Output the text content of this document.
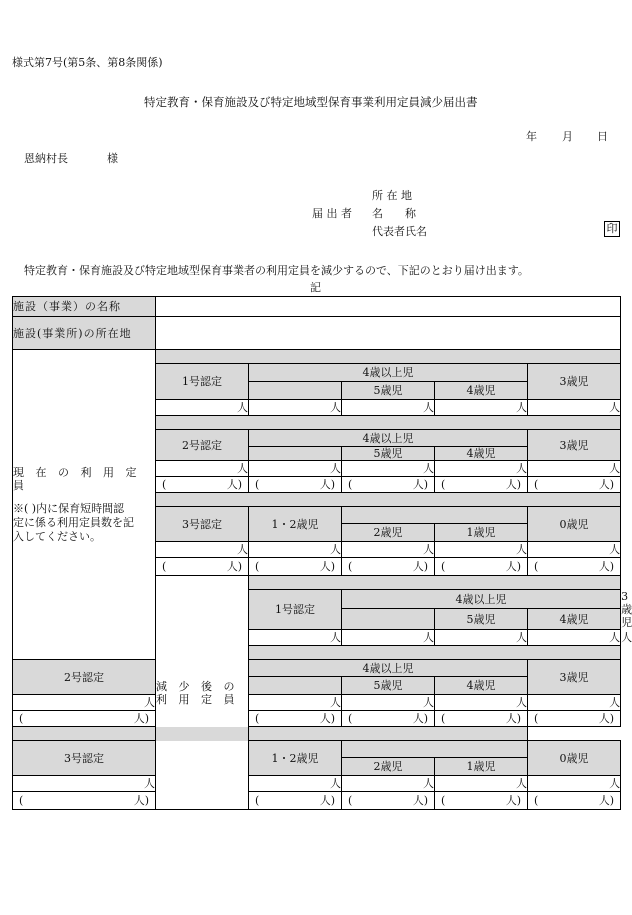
様式第7号(第5条、第8条関係)
特定教育・保育施設及び特定地域型保育事業利用定員減少届出書
年 月 日
恩納村長	様
所 在 地
届 出 者 名　　称
代表者氏名	印
特定教育・保育施設及び特定地域型保育事業者の利用定員を減少するので、下記のとおり届け出ます。
記
施設（事業）の名称						
施設(事業所)の所在地						

現 在 の 利 用 定 員
※( )内に保育短時間認
定に係る利用定員数を記
入してください。						

	1号認定	4歳以上児			3歳児	
			5歳児	4歳児		
	人	人	人	人	人	

	2号認定	4歳以上児			3歳児	
			5歳児	4歳児		
	人	人	人	人	人	

	( 人)	( 人)	( 人)	( 人)	( 人)	

	3号認定	1・2歳児			0歳児	
			2歳児	1歳児		
	人	人	人	人	人	

	( 人)	( 人)	( 人)	( 人)	( 人)	

	減 少 後 の 利 用 定 員					

		1号認定	4歳以上児			3歳児
				5歳児	4歳児	
		人	人	人	人	人

2号認定		4歳以上児			3歳児	
			5歳児	4歳児		
人		人	人	人	人	

( 人)		( 人)	( 人)	( 人)	( 人)	

3号認定		1・2歳児			0歳児	
			2歳児	1歳児		
人		人	人	人	人	

( 人)		( 人)	( 人)	( 人)	( 人)	
